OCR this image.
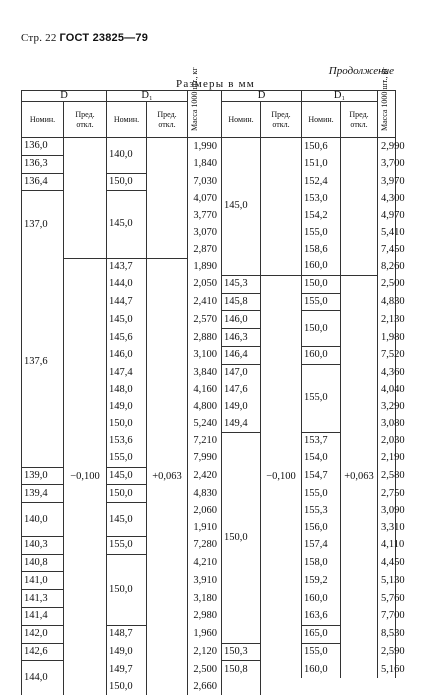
Стр. 22 ГОСТ 23825—79
Продолжение
Размеры в мм
D		D₁		Масса 1000 шт., кг	D		D₁		Масса 1000 шт., кг

Номин.	Пред. откл.	Номин.	Пред. откл.		Номин.	Пред. откл.	Номин.	Пред. откл.	
136,0		140,0		1,990	145,0		150,6		2,990
136,3				1,840			151,0		3,700
136,4		150,0		7,030			152,4		3,970
137,0		145,0		4,070			153,0		4,300
				3,770			154,2		4,970
				3,070			155,0		5,410
				2,870			158,6		7,450
137,6	−0,100	143,7	+0,063	1,890			160,0		8,260
		144,0		2,050	145,3	−0,100	150,0	+0,063	2,500
		144,7		2,410	145,8		155,0		4,830
		145,0		2,570	146,0		150,0		2,130
		145,6		2,880	146,3				1,980
		146,0		3,100	146,4		160,0		7,520
		147,4		3,840	147,0		155,0		4,360
		148,0		4,160	147,6				4,040
		149,0		4,800	149,0				3,290
		150,0		5,240	149,4				3,080
		153,6		7,210	150,0		153,7		2,030
		155,0		7,990			154,0		2,190
139,0		145,0		2,420			154,7		2,580
139,4		150,0		4,830			155,0		2,750
140,0		145,0		2,060			155,3		3,090
				1,910			156,0		3,310
140,3		155,0		7,280			157,4		4,110
140,8		150,0		4,210			158,0		4,450
141,0				3,910			159,2		5,130
141,3				3,180			160,0		5,760
141,4				2,980			163,6		7,700
142,0		148,7		1,960			165,0		8,530
142,6		149,0		2,120	150,3		155,0		2,590
144,0		149,7		2,500	150,8		160,0		5,160
		150,0		2,660					
